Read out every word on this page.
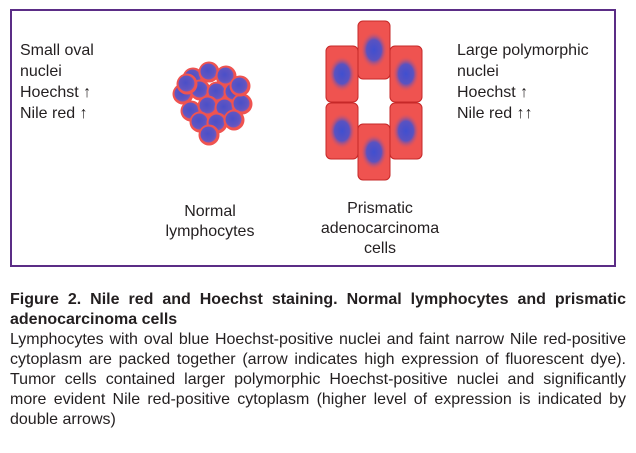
Small oval
nuclei
Hoechst ↑
Nile red ↑
Large polymorphic
nuclei
Hoechst ↑
Nile red ↑↑
Normal
lymphocytes
Prismatic
adenocarcinoma
cells
Figure 2. Nile red and Hoechst staining. Normal lymphocytes and prismatic adenocarcinoma cells
Lymphocytes with oval blue Hoechst-positive nuclei and faint narrow Nile red-positive cytoplasm are packed together (arrow indicates high expression of fluorescent dye). Tumor cells contained larger polymorphic Hoechst-positive nuclei and significantly more evident Nile red-positive cytoplasm (higher level of expression is indicated by double arrows)
